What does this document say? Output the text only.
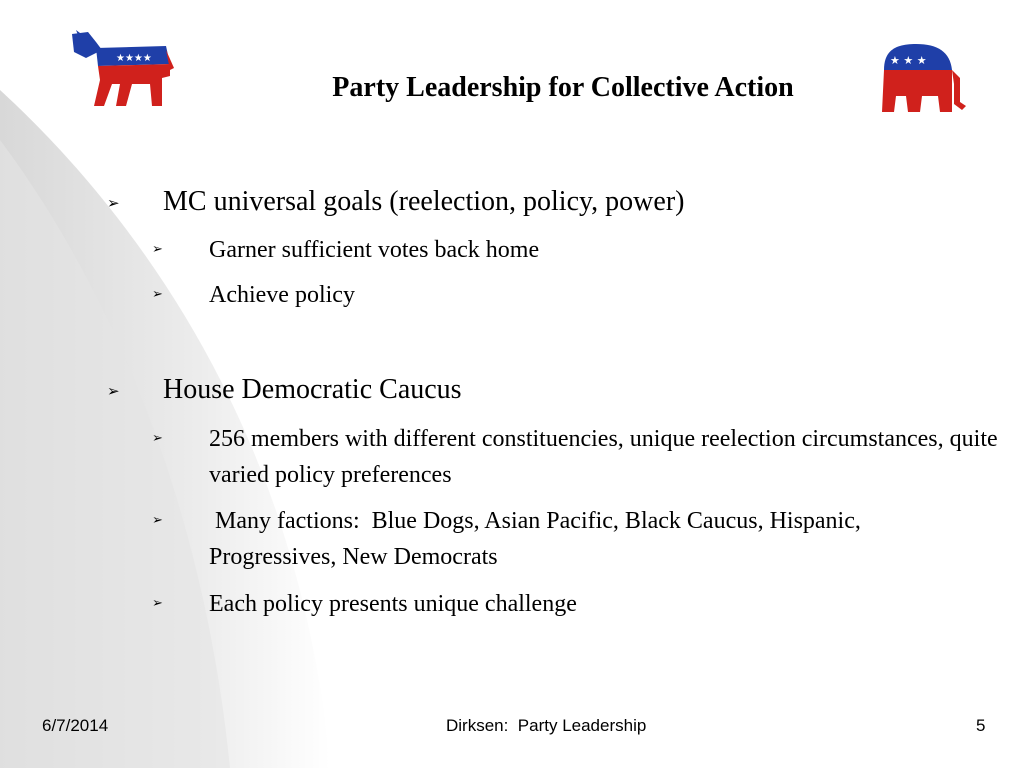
★★★★	★ ★ ★
Party Leadership for Collective Action
➢ MC universal goals (reelection, policy, power)
➢ Garner sufficient votes back home
➢ Achieve policy
➢ House Democratic Caucus
➢ 256 members with different constituencies, unique reelection circumstances, quite varied policy preferences
➢ Many factions:  Blue Dogs, Asian Pacific, Black Caucus, Hispanic, Progressives, New Democrats
➢ Each policy presents unique challenge
6/7/2014	Dirksen:  Party Leadership	5
